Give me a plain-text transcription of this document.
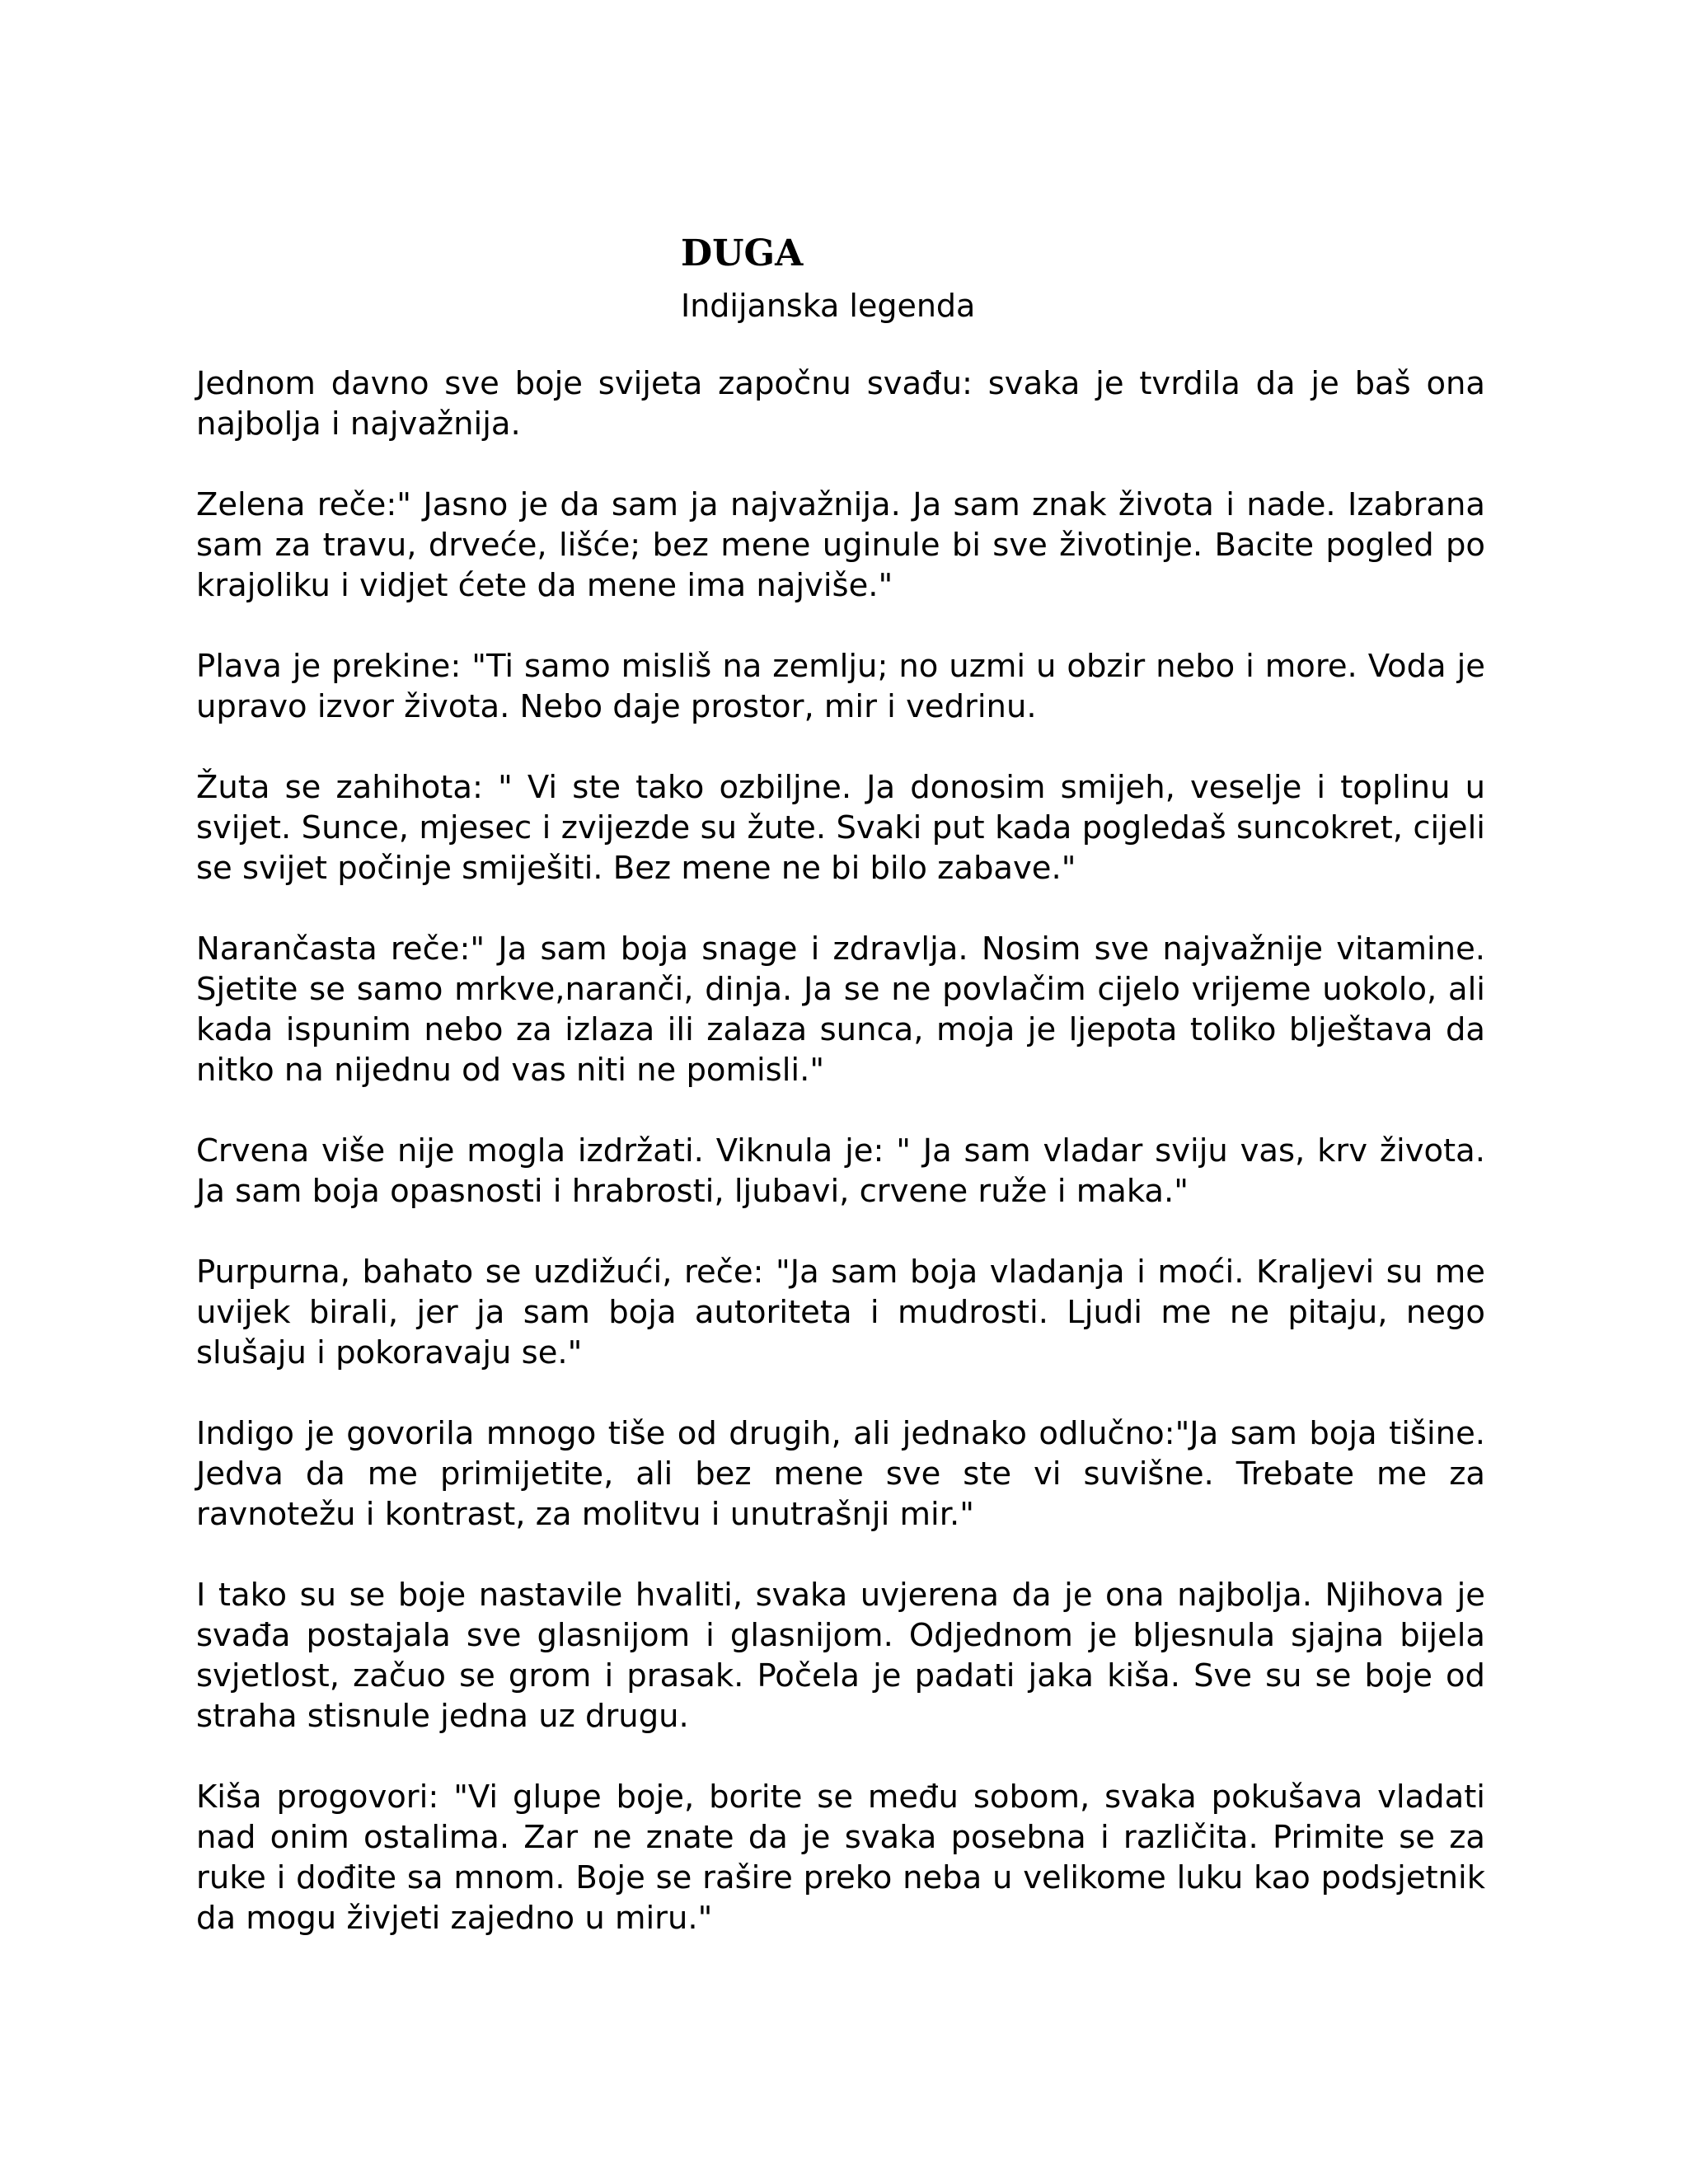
DUGA
Indijanska legenda

Jednom davno sve boje svijeta započnu svađu: svaka je tvrdila da je baš ona najbolja i najvažnija.

Zelena reče:" Jasno je da sam ja najvažnija. Ja sam znak života i nade. Izabrana sam za travu, drveće, lišće; bez mene uginule bi sve životinje. Bacite pogled po krajoliku i vidjet ćete da mene ima najviše."

Plava je prekine: "Ti samo misliš na zemlju; no uzmi u obzir nebo i more. Voda je upravo izvor života. Nebo daje prostor, mir i vedrinu.

Žuta se zahihota: " Vi ste tako ozbiljne. Ja donosim smijeh, veselje i toplinu u svijet. Sunce, mjesec i zvijezde su žute. Svaki put kada pogledaš suncokret, cijeli se svijet počinje smiješiti. Bez mene ne bi bilo zabave."

Narančasta reče:" Ja sam boja snage i zdravlja. Nosim sve najvažnije vitamine. Sjetite se samo mrkve,naranči, dinja. Ja se ne povlačim cijelo vrijeme uokolo, ali kada ispunim nebo za izlaza ili zalaza sunca, moja je ljepota toliko blještava da nitko na nijednu od vas niti ne pomisli."

Crvena više nije mogla izdržati. Viknula je: " Ja sam vladar sviju vas, krv života. Ja sam boja opasnosti i hrabrosti, ljubavi, crvene ruže i maka."

Purpurna, bahato se uzdižući, reče: "Ja sam boja vladanja i moći. Kraljevi su me uvijek birali, jer ja sam boja autoriteta i mudrosti. Ljudi me ne pitaju, nego slušaju i pokoravaju se."

Indigo je govorila mnogo tiše od drugih, ali jednako odlučno:"Ja sam boja tišine. Jedva da me primijetite, ali bez mene sve ste vi suvišne. Trebate me za ravnotežu i kontrast, za molitvu i unutrašnji mir."

I tako su se boje nastavile hvaliti, svaka uvjerena da je ona najbolja. Njihova je svađa postajala sve glasnijom i glasnijom. Odjednom je bljesnula sjajna bijela svjetlost, začuo se grom i prasak. Počela je padati jaka kiša. Sve su se boje od straha stisnule jedna uz drugu.

Kiša progovori: "Vi glupe boje, borite se među sobom, svaka pokušava vladati nad onim ostalima. Zar ne znate da je svaka posebna i različita. Primite se za ruke i dođite sa mnom. Boje se raširе preko neba u velikome luku kao podsjetnik da mogu živjeti zajedno u miru."
